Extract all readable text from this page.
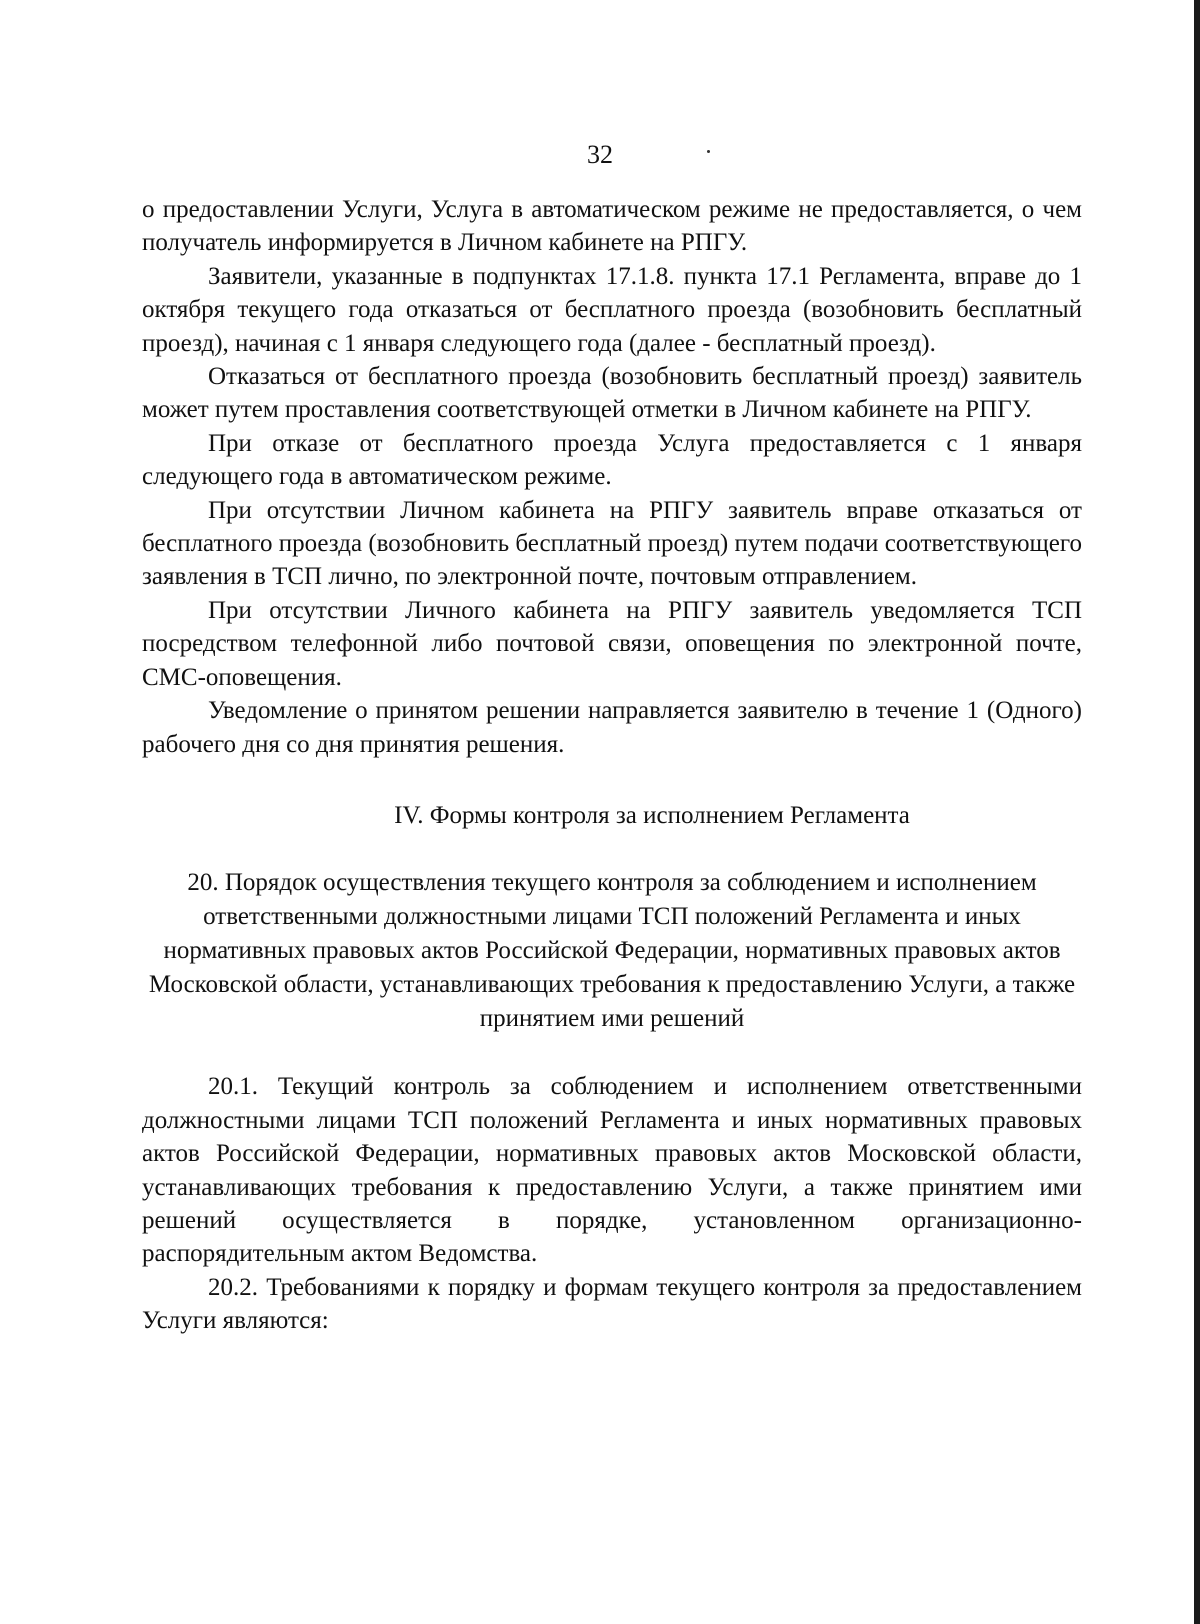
32

о предоставлении Услуги, Услуга в автоматическом режиме не предоставляется, о чем получатель информируется в Личном кабинете на РПГУ.

Заявители, указанные в подпунктах 17.1.8. пункта 17.1 Регламента, вправе до 1 октября текущего года отказаться от бесплатного проезда (возобновить бесплатный проезд), начиная с 1 января следующего года (далее - бесплатный проезд).

Отказаться от бесплатного проезда (возобновить бесплатный проезд) заявитель может путем проставления соответствующей отметки в Личном кабинете на РПГУ.

При отказе от бесплатного проезда Услуга предоставляется с 1 января следующего года в автоматическом режиме.

При отсутствии Личном кабинета на РПГУ заявитель вправе отказаться от бесплатного проезда (возобновить бесплатный проезд) путем подачи соответствующего заявления в ТСП лично, по электронной почте, почтовым отправлением.

При отсутствии Личного кабинета на РПГУ заявитель уведомляется ТСП посредством телефонной либо почтовой связи, оповещения по электронной почте, СМС-оповещения.

Уведомление о принятом решении направляется заявителю в течение 1 (Одного) рабочего дня со дня принятия решения.

IV. Формы контроля за исполнением Регламента
20. Порядок осуществления текущего контроля за соблюдением и исполнением ответственными должностными лицами ТСП положений Регламента и иных нормативных правовых актов Российской Федерации, нормативных правовых актов Московской области, устанавливающих требования к предоставлению Услуги, а также принятием ими решений

20.1. Текущий контроль за соблюдением и исполнением ответственными должностными лицами ТСП положений Регламента и иных нормативных правовых актов Российской Федерации, нормативных правовых актов Московской области, устанавливающих требования к предоставлению Услуги, а также принятием ими решений осуществляется в порядке, установленном организационно-распорядительным актом Ведомства.

20.2. Требованиями к порядку и формам текущего контроля за предоставлением Услуги являются:
